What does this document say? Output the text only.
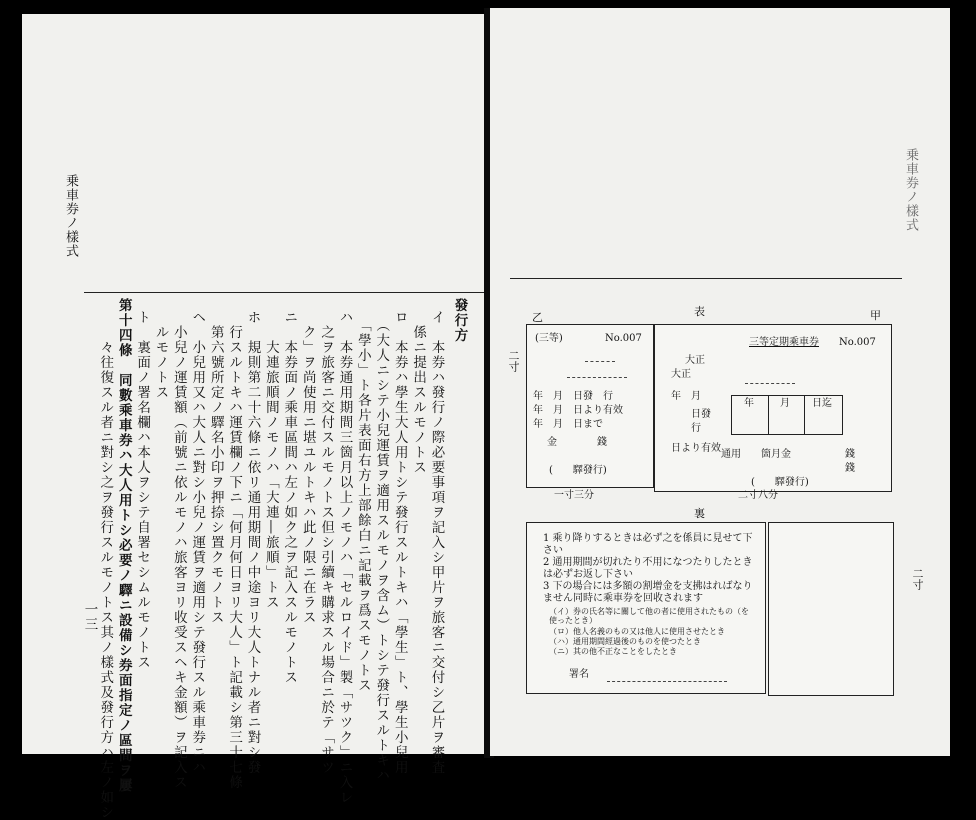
乗車券ノ樣式
發行方
イ　本券ハ發行ノ際必要事項ヲ記入シ甲片ヲ旅客ニ交付シ乙片ヲ審査
　係ニ提出スルモノトス
ロ　本券ハ學生大人用トシテ發行スルトキハ「學生」ト、學生小兒用
　（大人ニシテ小兒運賃ヲ適用スルモノヲ含ム）トシテ發行スルトキハ
　「學小」ト各片表面右方上部餘白ニ記載ヲ爲スモノトス
ハ　本券通用期間三箇月以上ノモノハ「セルロイド」製「サツク」ニ入レ
　之ヲ旅客ニ交付スルモノトス但シ引續キ購求スル場合ニ於テ「サツ
　ク」ヲ尚使用ニ堪ユルトキハ此ノ限ニ在ラス
ニ　本券面ノ乘車區間ハ左ノ如ク之ヲ記入スルモノトス
　　大連旅順間ノモノハ「大連―旅順」トス
ホ　規則第二十六條ニ依リ通用期間ノ中途ヨリ大人トナル者ニ對シ發
　行スルトキハ運賃欄ノ下ニ「何月何日ヨリ大人」ト記載シ第三十七條
　第六號所定ノ驛名小印ヲ押捺シ置クモノトス
ヘ　小兒用又ハ大人ニ對シ小兒ノ運賃ヲ適用シテ發行スル乘車券ニハ
　小兒ノ運賃額（前號ニ依ルモノハ旅客ヨリ收受スヘキ金額）ヲ記入ス
　ルモノトス
ト　裏面ノ署名欄ハ本人ヲシテ自署セシムルモノトス
第十四條　同數乘車券ハ大人用トシ必要ノ驛ニ設備シ券面指定ノ區間ヲ屢
　　々往復スル者ニ對シ之ヲ發行スルモノトス其ノ樣式及發行方ハ左ノ如シ
一三
乗車券ノ樣式
乙	表	甲
二寸
二寸
(三等)	No.007
年　月　日發　行
年　月　日より有效
年　月　日まで
金　　　　錢
(　　驛發行)
三等定期乘車券 No.007
大正
大正
年 月
日發
行
日より有效
年	月 日迄
通用　　箇月金	錢
錢
(　　驛發行)
一寸三分	二寸八分
裏
1 乘り降りするときは必ず之を係員に見せて下さい
2 通用期間が切れたり不用になつたりしたときは必ずお返し下さい
3 下の場合には多額の割增金を支拂はればなりません同時に乘車券を回收されます
（イ）券の氏名等に關して他の者に使用されたもの（を使ったとき）
（ロ）他人名義のもの又は他人に使用させたとき
（ハ）通用期間經過後のものを使つたとき
（ニ）其の他不正なことをしたとき
署名
